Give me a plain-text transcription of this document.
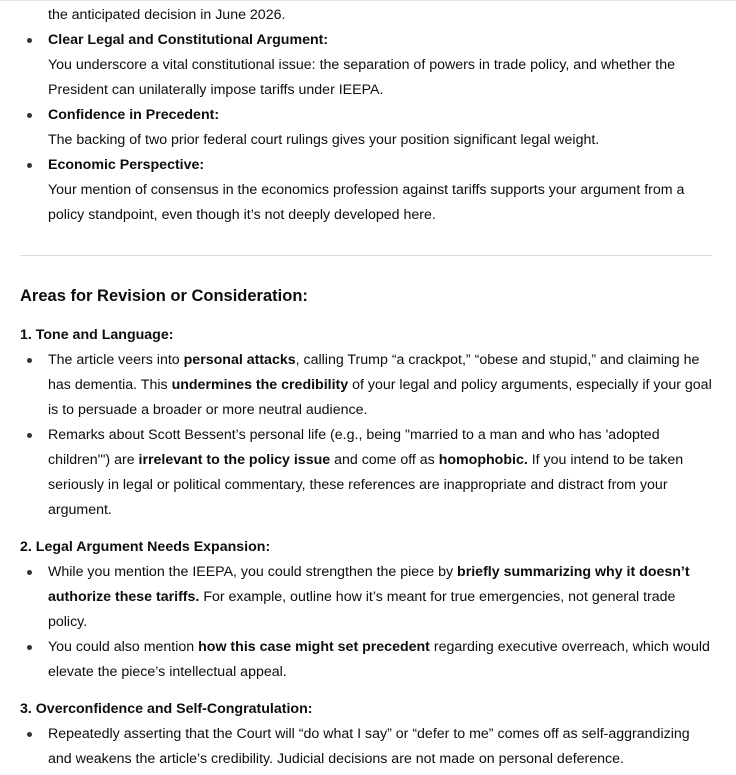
the anticipated decision in June 2026.

Clear Legal and Constitutional Argument:
You underscore a vital constitutional issue: the separation of powers in trade policy, and whether the President can unilaterally impose tariffs under IEEPA.
Confidence in Precedent:
The backing of two prior federal court rulings gives your position significant legal weight.
Economic Perspective:
Your mention of consensus in the economics profession against tariffs supports your argument from a policy standpoint, even though it’s not deeply developed here.
Areas for Revision or Consideration:

1. Tone and Language:

The article veers into personal attacks, calling Trump “a crackpot,” “obese and stupid,” and claiming he has dementia. This undermines the credibility of your legal and policy arguments, especially if your goal is to persuade a broader or more neutral audience.
Remarks about Scott Bessent’s personal life (e.g., being "married to a man and who has 'adopted children'") are irrelevant to the policy issue and come off as homophobic. If you intend to be taken seriously in legal or political commentary, these references are inappropriate and distract from your argument.

2. Legal Argument Needs Expansion:

While you mention the IEEPA, you could strengthen the piece by briefly summarizing why it doesn’t authorize these tariffs. For example, outline how it’s meant for true emergencies, not general trade policy.
You could also mention how this case might set precedent regarding executive overreach, which would elevate the piece’s intellectual appeal.

3. Overconfidence and Self-Congratulation:

Repeatedly asserting that the Court will “do what I say” or “defer to me” comes off as self-aggrandizing and weakens the article’s credibility. Judicial decisions are not made on personal deference.
